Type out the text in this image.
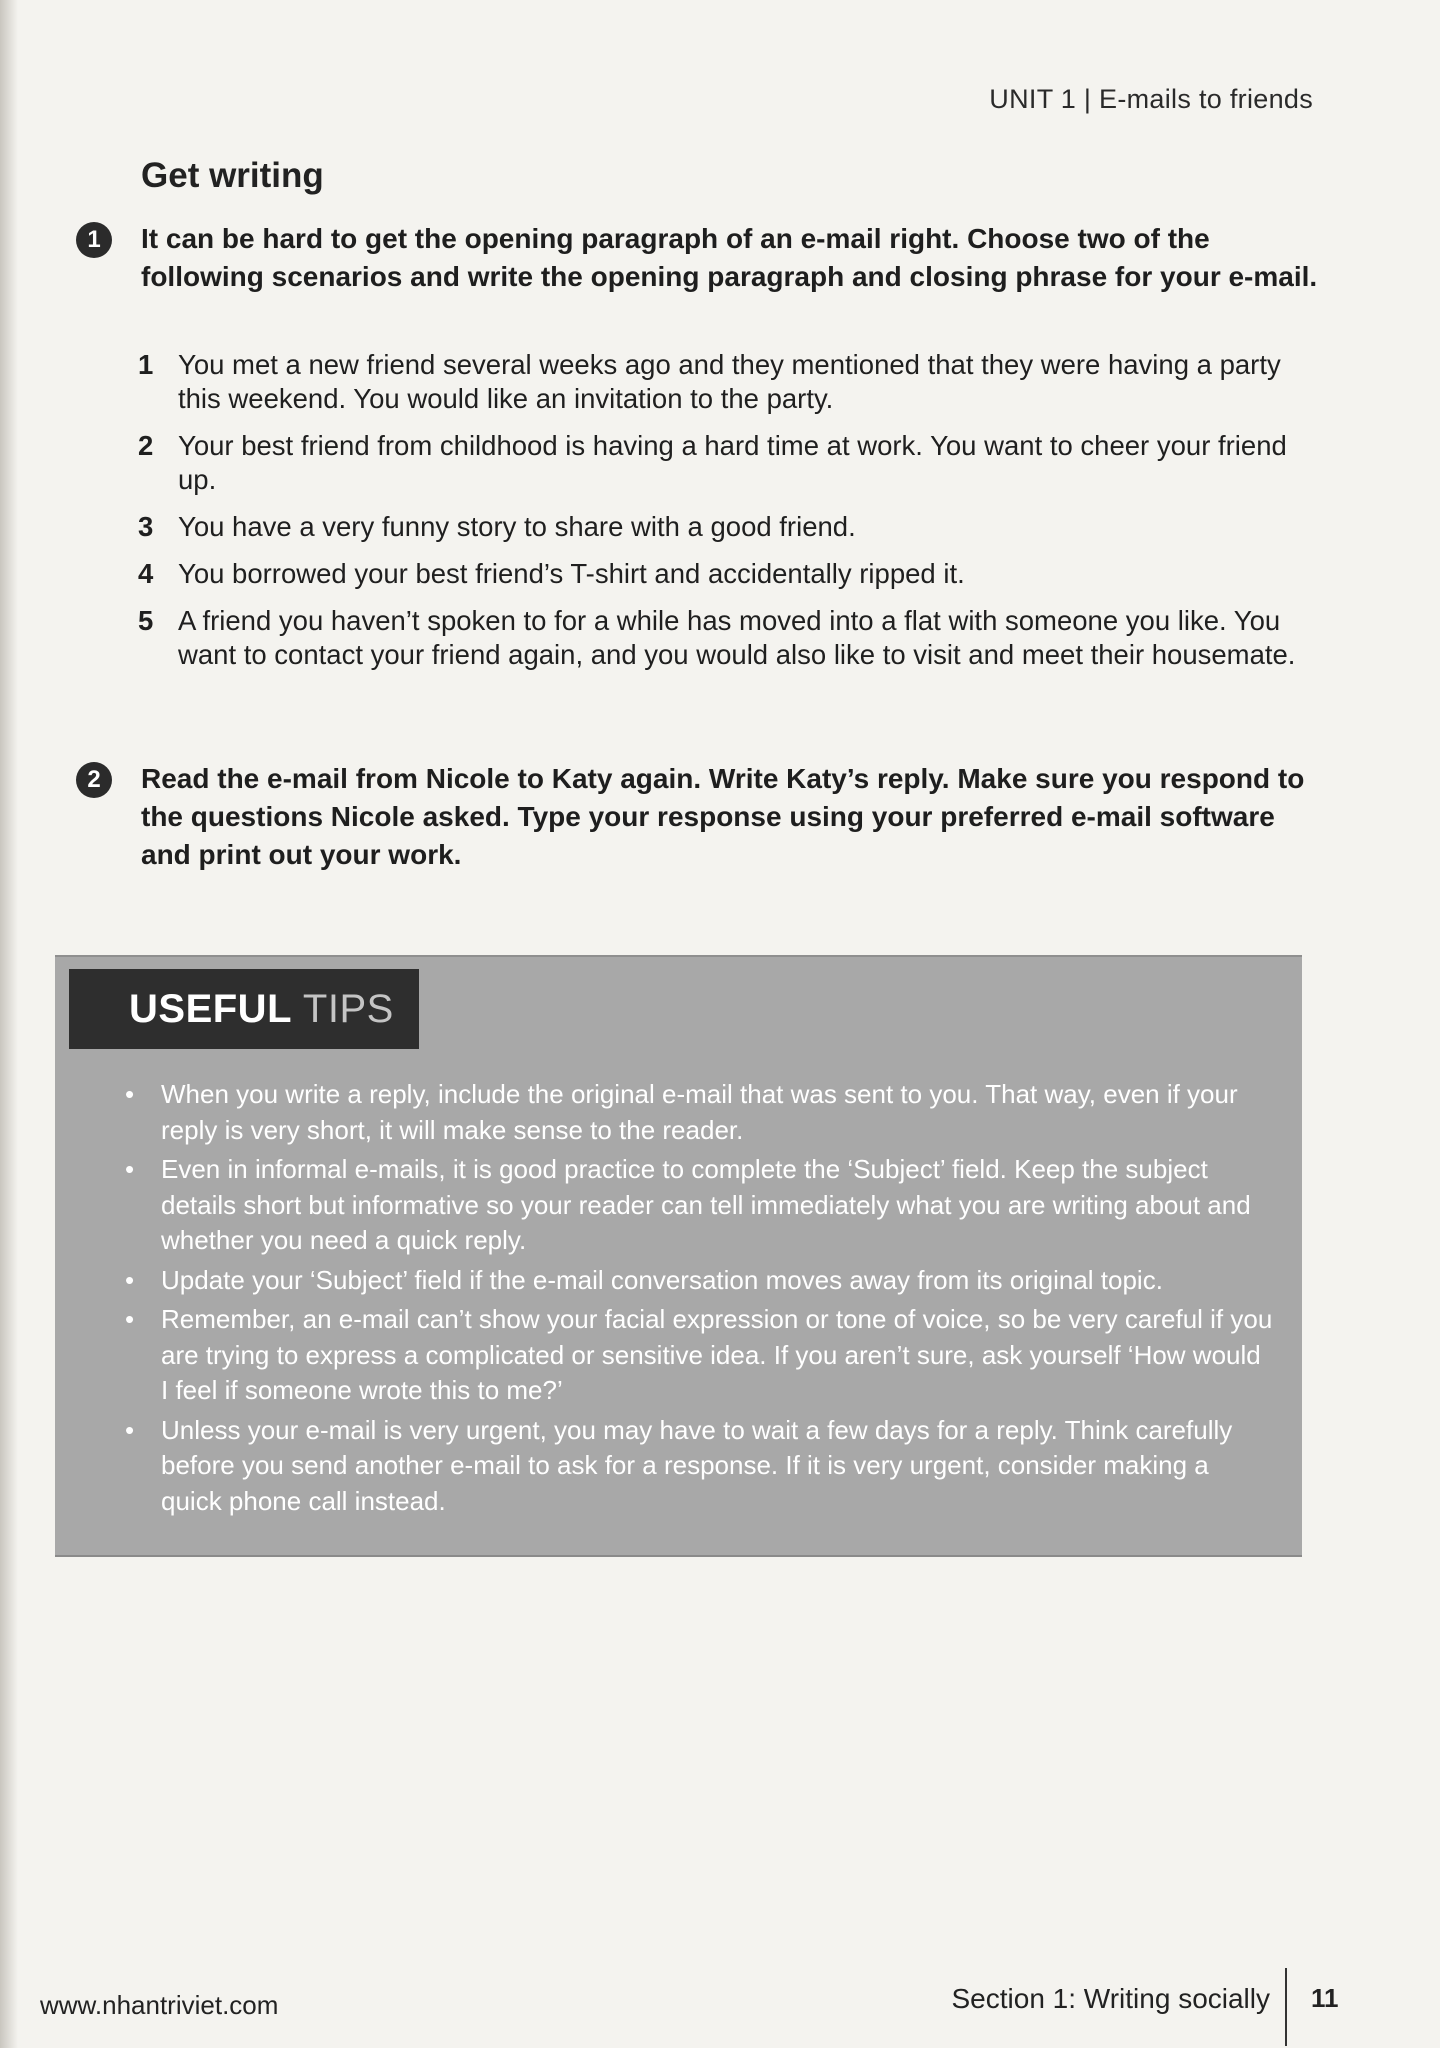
UNIT 1 | E-mails to friends
Get writing
1	It can be hard to get the opening paragraph of an e-mail right. Choose two of the following scenarios and write the opening paragraph and closing phrase for your e-mail.
1 You met a new friend several weeks ago and they mentioned that they were having a party this weekend. You would like an invitation to the party.
2 Your best friend from childhood is having a hard time at work. You want to cheer your friend up.
3 You have a very funny story to share with a good friend.
4 You borrowed your best friend’s T-shirt and accidentally ripped it.
5 A friend you haven’t spoken to for a while has moved into a flat with someone you like. You want to contact your friend again, and you would also like to visit and meet their housemate.
2	Read the e-mail from Nicole to Katy again. Write Katy’s reply. Make sure you respond to the questions Nicole asked. Type your response using your preferred e-mail software and print out your work.
USEFUL TIPS
• When you write a reply, include the original e-mail that was sent to you. That way, even if your reply is very short, it will make sense to the reader.
• Even in informal e-mails, it is good practice to complete the ‘Subject’ field. Keep the subject details short but informative so your reader can tell immediately what you are writing about and whether you need a quick reply.
• Update your ‘Subject’ field if the e-mail conversation moves away from its original topic.
• Remember, an e-mail can’t show your facial expression or tone of voice, so be very careful if you are trying to express a complicated or sensitive idea. If you aren’t sure, ask yourself ‘How would I feel if someone wrote this to me?’
• Unless your e-mail is very urgent, you may have to wait a few days for a reply. Think carefully before you send another e-mail to ask for a response. If it is very urgent, consider making a quick phone call instead.
www.nhantriviet.com	Section 1: Writing socially 11
